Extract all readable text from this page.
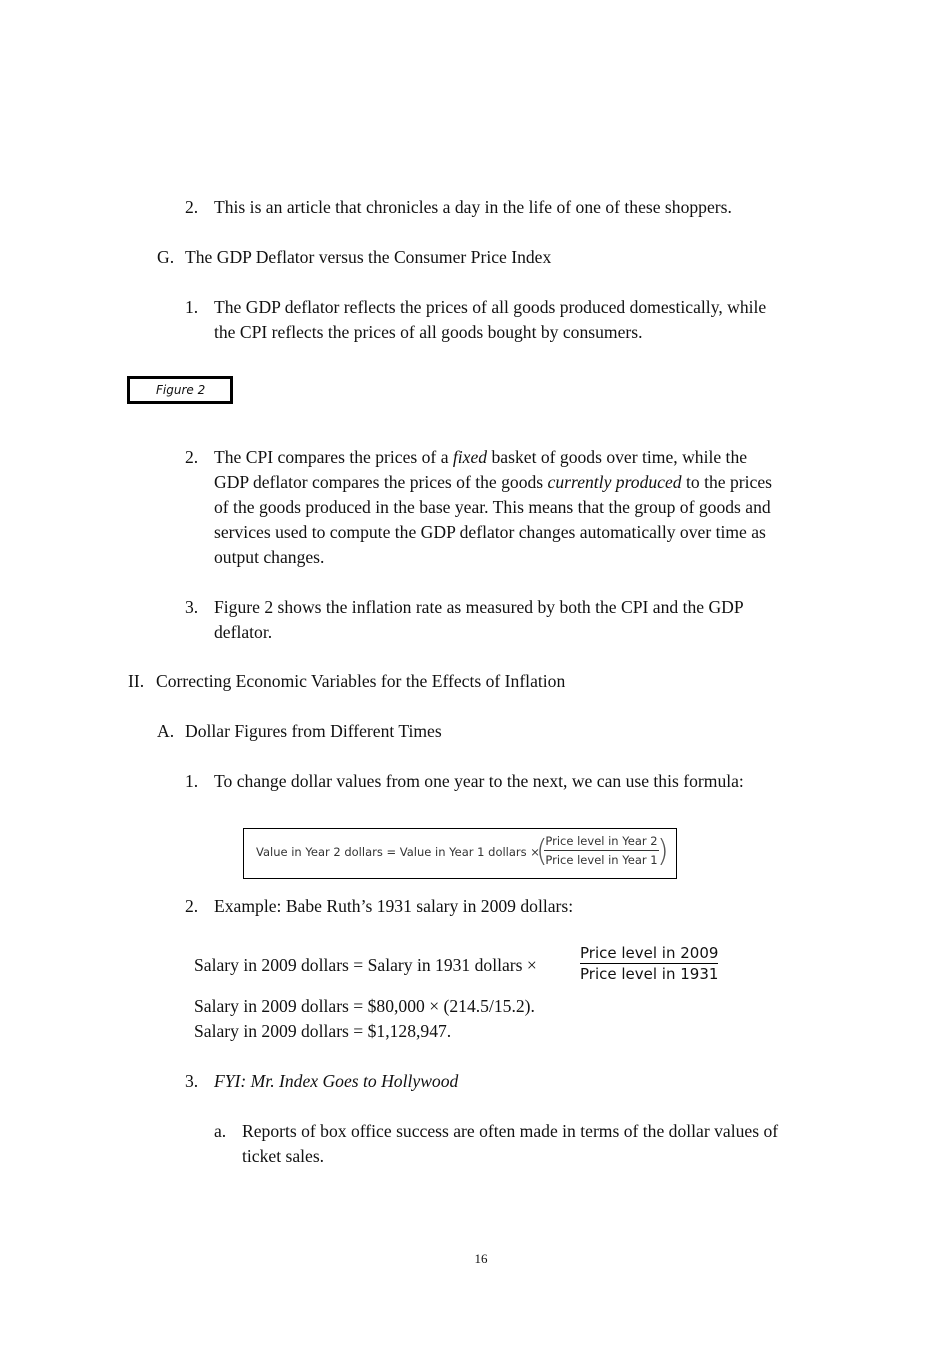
2. This is an article that chronicles a day in the life of one of these shoppers.
G. The GDP Deflator versus the Consumer Price Index
1. The GDP deflator reflects the prices of all goods produced domestically, while
the CPI reflects the prices of all goods bought by consumers.
Figure 2
2. The CPI compares the prices of a fixed basket of goods over time, while the
GDP deflator compares the prices of the goods currently produced to the prices
of the goods produced in the base year. This means that the group of goods and
services used to compute the GDP deflator changes automatically over time as
output changes.
3. Figure 2 shows the inflation rate as measured by both the CPI and the GDP
deflator.
II. Correcting Economic Variables for the Effects of Inflation
A. Dollar Figures from Different Times
1. To change dollar values from one year to the next, we can use this formula:
Value in Year 2 dollars = Value in Year 1 dollars ×
(
Price level in Year 2
Price level in Year 1 )
2. Example: Babe Ruth’s 1931 salary in 2009 dollars:
Salary in 2009 dollars = Salary in 1931 dollars ×
Price level in 2009
Price level in 1931
Salary in 2009 dollars = $80,000 × (214.5/15.2).
Salary in 2009 dollars = $1,128,947.
3. FYI: Mr. Index Goes to Hollywood
a. Reports of box office success are often made in terms of the dollar values of
ticket sales.
16
